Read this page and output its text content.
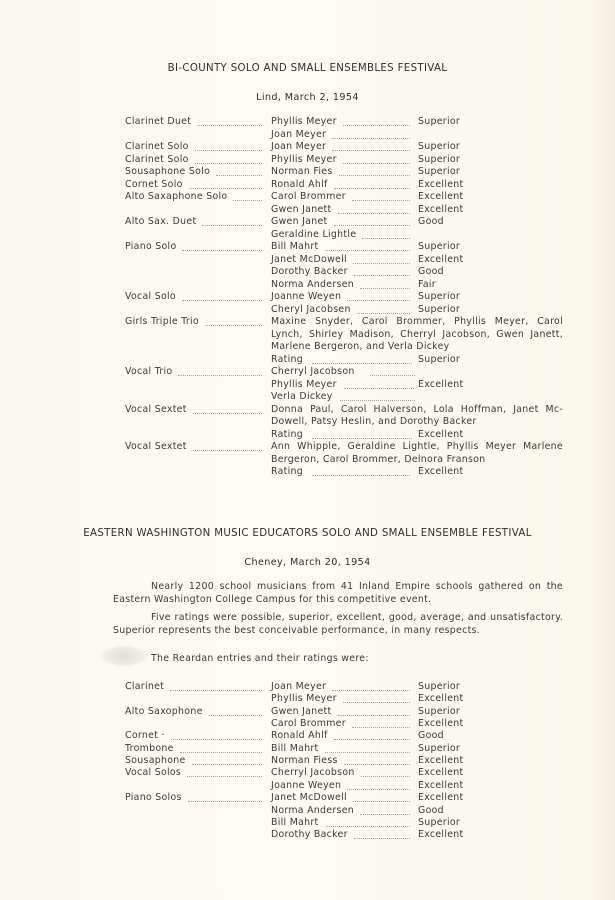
BI-COUNTY SOLO AND SMALL ENSEMBLES FESTIVAL
Lind, March 2, 1954
Clarinet Duet	Phyllis Meyer	Superior
Joan Meyer
Clarinet Solo	Joan Meyer	Superior
Clarinet Solo	Phyllis Meyer	Superior
Sousaphone Solo	Norman Fies	Superior
Cornet Solo	Ronald Ahlf	Excellent
Alto Saxaphone Solo	Carol Brommer	Excellent
Gwen Janett	Excellent
Alto Sax. Duet	Gwen Janet	Good
Geraldine Lightle
Piano Solo	Bill Mahrt	Superior
Janet McDowell	Excellent
Dorothy Backer	Good
Norma Andersen	Fair
Vocal Solo	Joanne Weyen	Superior
Cheryl Jacobsen	Superior
Girls Triple Trio	Maxine Snyder, Carol Brommer, Phyllis Meyer, Carol Lynch, Shirley Madison, Cherryl Jacobson, Gwen Janett, Marlene Bergeron, and Verla Dickey
Rating	Superior
Vocal Trio	Cherryl Jacobson
Phyllis Meyer	Excellent
Verla Dickey
Vocal Sextet	Donna Paul, Carol Halverson, Lola Hoffman, Janet Mc-Dowell, Patsy Heslin, and Dorothy Backer
Rating	Excellent
Vocal Sextet	Ann Whipple, Geraldine Lightle, Phyllis Meyer Marlene Bergeron, Carol Brommer, Delnora Franson
Rating	Excellent
EASTERN WASHINGTON MUSIC EDUCATORS SOLO AND SMALL ENSEMBLE FESTIVAL
Cheney, March 20, 1954
Nearly 1200 school musicians from 41 Inland Empire schools gathered on the Eastern Washington College Campus for this competitive event.
Five ratings were possible, superior, excellent, good, average, and unsatisfactory. Superior represents the best conceivable performance, in many respects.
The Reardan entries and their ratings were:
Clarinet	Joan Meyer	Superior
Phyllis Meyer	Excellent
Alto Saxophone	Gwen Janett	Superior
Carol Brommer	Excellent
Cornet ·	Ronald Ahlf	Good
Trombone	Bill Mahrt	Superior
Sousaphone	Norman Fiess	Excellent
Vocal Solos	Cherryl Jacobson	Excellent
Joanne Weyen	Excellent
Piano Solos	Janet McDowell	Excellent
Norma Andersen	Good
Bill Mahrt	Superior
Dorothy Backer	Excellent
